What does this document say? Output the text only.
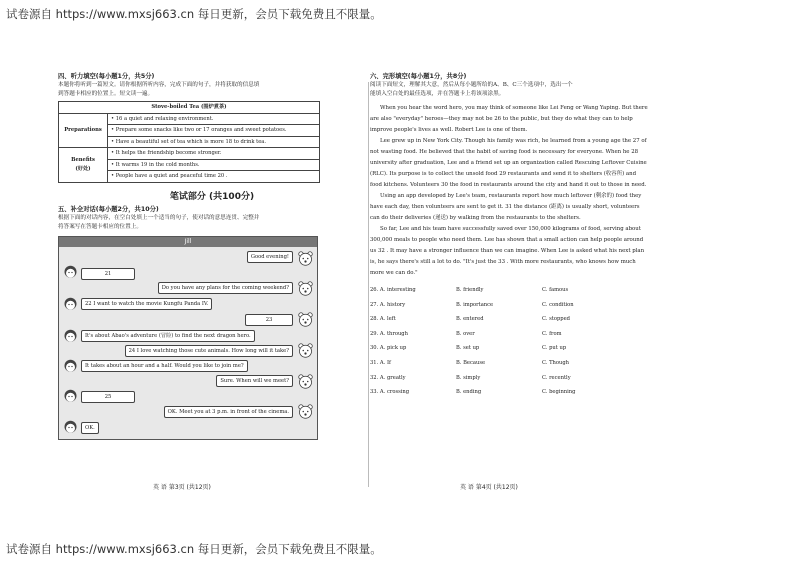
试卷源自 https://www.mxsj663.cn 每日更新，会员下载免费且不限量。

四、听力填空(每小题1分，共5分)

本题你将听到一篇短文。请你根据所听内容，完成下面的句子，并将获取的信息填

到答题卡相应的位置上。短文读一遍。

Stove-boiled Tea (围炉煮茶)	
Preparations	• 16 a quiet and relaxing environment.
	• Prepare some snacks like two or 17 oranges and sweet potatoes.
	• Have a beautiful set of tea which is more 18 to drink tea.
Benefits
(好处)	• It helps the friendship become stronger.
	• It warms 19 in the cold months.
	• People have a quiet and peaceful time 20 .
笔试部分 (共100分)

五、补全对话(每小题2分，共10分)

根据下面的对话内容，在空白处填上一个适当的句子，使对话的意思连贯、完整并

将答案写在答题卡相应的位置上。

Jill
Good evening!
21
Do you have any plans for the coming weekend?
22 I want to watch the movie Kungfu Panda IV.
23
It's about Abao's adventure (冒险) to find the next dragon hero.
24 I love watching those cute animals. How long will it take?
It takes about an hour and a half. Would you like to join me?
Sure. When will we meet?
25
OK. Meet you at 3 p.m. in front of the cinema.
OK.
英 语 第3页 (共12页)

六、完形填空(每小题1分，共8分)

阅读下面短文，理解其大意，然后从每小题所给的A、B、C三个选项中，选出一个

能填入空白处的最佳选项，并在答题卡上将该项涂黑。

When you hear the word hero, you may think of someone like Lei Feng or Wang Yaping. But there are also "everyday" heroes—they may not be 26 to the public, but they do what they can to help improve people's lives as well. Robert Lee is one of them.

Lee grew up in New York City. Though his family was rich, he learned from a young age the 27 of not wasting food. He believed that the habit of saving food is necessary for everyone. When he 28 university after graduation, Lee and a friend set up an organization called Rescuing Leftover Cuisine (RLC). Its purpose is to collect the unsold food 29 restaurants and send it to shelters (收容所) and food kitchens. Volunteers 30 the food in restaurants around the city and hand it out to those in need.

Using an app developed by Lee's team, restaurants report how much leftover (剩余的) food they have each day, then volunteers are sent to get it. 31 the distance (距离) is usually short, volunteers can do their deliveries (递送) by walking from the restaurants to the shelters.

So far, Lee and his team have successfully saved over 150,000 kilograms of food, serving about 300,000 meals to people who need them. Lee has shown that a small action can help people around us 32 . It may have a stronger influence than we can imagine. When Lee is asked what his next plan is, he says there's still a lot to do. "It's just the 33 . With more restaurants, who knows how much more we can do."

26. A. interesting	B. friendly	C. famous
27. A. history	B. importance	C. condition
28. A. left	B. entered	C. stopped
29. A. through	B. over	C. from
30. A. pick up	B. set up	C. put up
31. A. If	B. Because	C. Though
32. A. greatly	B. simply	C. recently
33. A. crossing	B. ending	C. beginning
英 语 第4页 (共12页)
试卷源自 https://www.mxsj663.cn 每日更新，会员下载免费且不限量。
